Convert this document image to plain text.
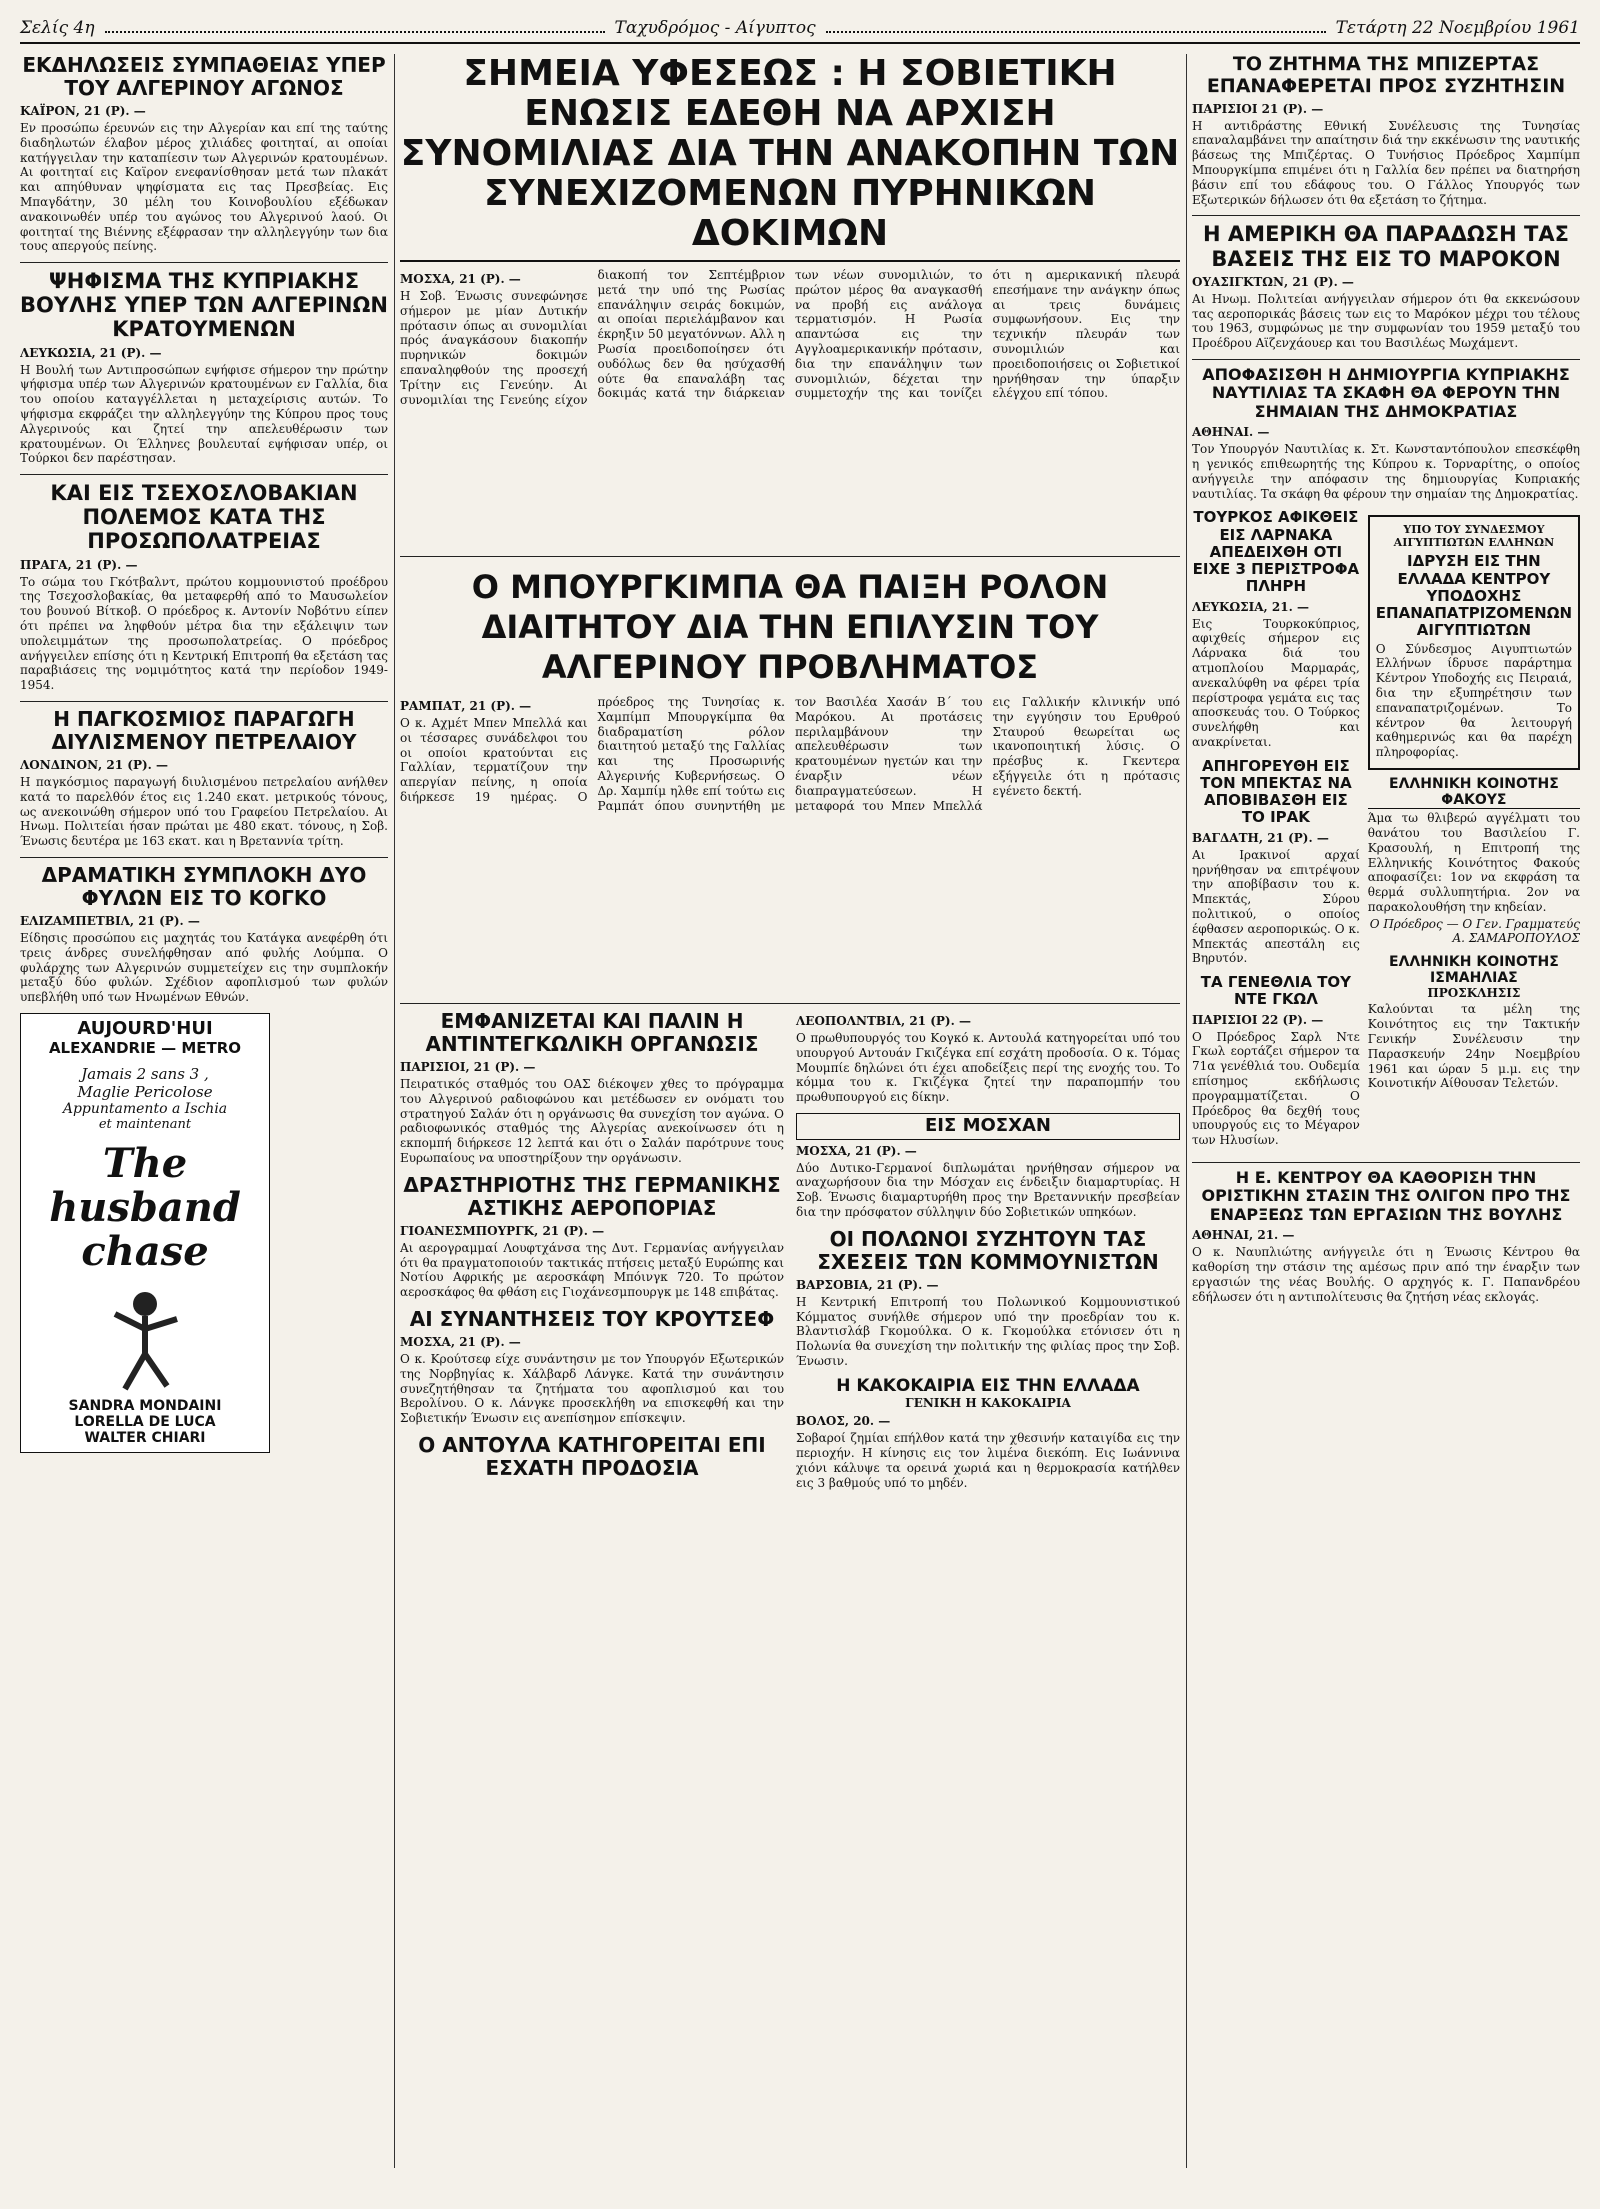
Σελίς 4η	Ταχυδρόμος - Αίγυπτος	Τετάρτη 22 Νοεμβρίου 1961
ΕΚΔΗΛΩΣΕΙΣ ΣΥΜΠΑΘΕΙΑΣ ΥΠΕΡ ΤΟΥ ΑΛΓΕΡΙΝΟΥ ΑΓΩΝΟΣ
ΚΑΪΡΟΝ, 21 (Ρ). —

Εν προσώπω έρευνών εις την Αλγερίαν και επί της ταύτης διαδηλωτών έλαβον μέρος χιλιάδες φοιτηταί, αι οποίαι κατήγγειλαν την καταπίεσιν των Αλγερινών κρατουμένων. Αι φοιτηταί εις Καϊρον ενεφανίσθησαν μετά των πλακάτ και απηύθυναν ψηφίσματα εις τας Πρεσβείας. Εις Μπαγδάτην, 30 μέλη του Κοινοβουλίου εξέδωκαν ανακοινωθέν υπέρ του αγώνος του Αλγερινού λαού. Οι φοιτηταί της Βιέννης εξέφρασαν την αλληλεγγύην των δια τους απεργούς πείνης.

ΨΗΦΙΣΜΑ ΤΗΣ ΚΥΠΡΙΑΚΗΣ ΒΟΥΛΗΣ ΥΠΕΡ ΤΩΝ ΑΛΓΕΡΙΝΩΝ ΚΡΑΤΟΥΜΕΝΩΝ
ΛΕΥΚΩΣΙΑ, 21 (Ρ). —

Η Βουλή των Αντιπροσώπων εψήφισε σήμερον την πρώτην ψήφισμα υπέρ των Αλγερινών κρατουμένων εν Γαλλία, δια του οποίου καταγγέλλεται η μεταχείρισις αυτών. Το ψήφισμα εκφράζει την αλληλεγγύην της Κύπρου προς τους Αλγερινούς και ζητεί την απελευθέρωσιν των κρατουμένων. Οι Έλληνες βουλευταί εψήφισαν υπέρ, οι Τούρκοι δεν παρέστησαν.

ΚΑΙ ΕΙΣ ΤΣΕΧΟΣΛΟΒΑΚΙΑΝ ΠΟΛΕΜΟΣ ΚΑΤΑ ΤΗΣ ΠΡΟΣΩΠΟΛΑΤΡΕΙΑΣ
ΠΡΑΓΑ, 21 (Ρ). —

Το σώμα του Γκότβαλντ, πρώτου κομμουνιστού προέδρου της Τσεχοσλοβακίας, θα μεταφερθή από το Μαυσωλείον του βουνού Βίτκοβ. Ο πρόεδρος κ. Αντονίν Νοβότνυ είπεν ότι πρέπει να ληφθούν μέτρα δια την εξάλειψιν των υπολειμμάτων της προσωπολατρείας. Ο πρόεδρος ανήγγειλεν επίσης ότι η Κεντρική Επιτροπή θα εξετάση τας παραβιάσεις της νομιμότητος κατά την περίοδον 1949-1954.

Η ΠΑΓΚΟΣΜΙΟΣ ΠΑΡΑΓΩΓΗ ΔΙΥΛΙΣΜΕΝΟΥ ΠΕΤΡΕΛΑΙΟΥ
ΛΟΝΔΙΝΟΝ, 21 (Ρ). —

Η παγκόσμιος παραγωγή διυλισμένου πετρελαίου ανήλθεν κατά το παρελθόν έτος εις 1.240 εκατ. μετρικούς τόνους, ως ανεκοινώθη σήμερον υπό του Γραφείου Πετρελαίου. Αι Ηνωμ. Πολιτείαι ήσαν πρώται με 480 εκατ. τόνους, η Σοβ. Ένωσις δευτέρα με 163 εκατ. και η Βρεταννία τρίτη.

ΔΡΑΜΑΤΙΚΗ ΣΥΜΠΛΟΚΗ ΔΥΟ ΦΥΛΩΝ ΕΙΣ ΤΟ ΚΟΓΚΟ
ΕΛΙΖΑΜΠΕΤΒΙΛ, 21 (Ρ). —

Είδησις προσώπου εις μαχητάς του Κατάγκα ανεφέρθη ότι τρεις άνδρες συνελήφθησαν από φυλής Λούμπα. Ο φυλάρχης των Αλγερινών συμμετείχεν εις την συμπλοκήν μεταξύ δύο φυλών. Σχέδιον αφοπλισμού των φυλών υπεβλήθη υπό των Ηνωμένων Εθνών.

AUJOURD'HUI
ALEXANDRIE — METRO
Jamais 2 sans 3 ,
Maglie Pericolose
Appuntamento a Ischia
et maintenant
The husband chase
SANDRA MONDAINI
LORELLA DE LUCA
WALTER CHIARI
ΣΗΜΕΙΑ ΥΦΕΣΕΩΣ : Η ΣΟΒΙΕΤΙΚΗ ΕΝΩΣΙΣ ΕΔΕΘΗ ΝΑ ΑΡΧΙΣΗ ΣΥΝΟΜΙΛΙΑΣ ΔΙΑ ΤΗΝ ΑΝΑΚΟΠΗΝ ΤΩΝ ΣΥΝΕΧΙΖΟΜΕΝΩΝ ΠΥΡΗΝΙΚΩΝ ΔΟΚΙΜΩΝ
ΜΟΣΧΑ, 21 (Ρ). —

Η Σοβ. Ένωσις συνεφώνησε σήμερον με μίαν Δυτικήν πρότασιν όπως αι συνομιλίαι πρός άναγκάσουν διακοπήν πυρηνικών δοκιμών επαναληφθούν της προσεχή Τρίτην εις Γενεύην. Αι συνομιλίαι της Γενεύης είχον διακοπή τον Σεπτέμβριον μετά την υπό της Ρωσίας επανάληψιν σειράς δοκιμών, αι οποίαι περιελάμβανον και έκρηξιν 50 μεγατόννων. Αλλ η Ρωσία προειδοποίησεν ότι ουδόλως δεν θα ησύχασθή ούτε θα επαναλάβη τας δοκιμάς κατά την διάρκειαν των νέων συνομιλιών, το πρώτον μέρος θα αναγκασθή να προβή εις ανάλογα τερματισμόν. Η Ρωσία απαντώσα εις την Αγγλοαμερικανικήν πρότασιν, δια την επανάληψιν των συνομιλιών, δέχεται την συμμετοχήν της και τονίζει ότι η αμερικανική πλευρά επεσήμανε την ανάγκην όπως αι τρεις δυνάμεις συμφωνήσουν. Εις την τεχνικήν πλευράν των συνομιλιών και προειδοποιήσεις οι Σοβιετικοί ηρνήθησαν την ύπαρξιν ελέγχου επί τόπου.

Ο ΜΠΟΥΡΓΚΙΜΠΑ ΘΑ ΠΑΙΞΗ ΡΟΛΟΝ ΔΙΑΙΤΗΤΟΥ ΔΙΑ ΤΗΝ ΕΠΙΛΥΣΙΝ ΤΟΥ ΑΛΓΕΡΙΝΟΥ ΠΡΟΒΛΗΜΑΤΟΣ
ΡΑΜΠΑΤ, 21 (Ρ). —

Ο κ. Αχμέτ Μπεν Μπελλά και οι τέσσαρες συνάδελφοι του οι οποίοι κρατούνται εις Γαλλίαν, τερματίζουν την απεργίαν πείνης, η οποία διήρκεσε 19 ημέρας. Ο πρόεδρος της Τυνησίας κ. Χαμπίμπ Μπουργκίμπα θα διαδραματίση ρόλον διαιτητού μεταξύ της Γαλλίας και της Προσωρινής Αλγερινής Κυβερνήσεως. Ο Δρ. Χαμπίμ ηλθε επί τούτω εις Ραμπάτ όπου συνηντήθη με τον Βασιλέα Χασάν Β΄ του Μαρόκου. Αι προτάσεις περιλαμβάνουν την απελευθέρωσιν των κρατουμένων ηγετών και την έναρξιν νέων διαπραγματεύσεων. Η μεταφορά του Μπεν Μπελλά εις Γαλλικήν κλινικήν υπό την εγγύησιν του Ερυθρού Σταυρού θεωρείται ως ικανοποιητική λύσις. Ο πρέσβυς κ. Γκεντερα εξήγγειλε ότι η πρότασις εγένετο δεκτή.

ΕΜΦΑΝΙΖΕΤΑΙ ΚΑΙ ΠΑΛΙΝ Η ΑΝΤΙΝΤΕΓΚΩΛΙΚΗ ΟΡΓΑΝΩΣΙΣ
ΠΑΡΙΣΙΟΙ, 21 (Ρ). —

Πειρατικός σταθμός του ΟΑΣ διέκοψεν χθες το πρόγραμμα του Αλγερινού ραδιοφώνου και μετέδωσεν εν ονόματι του στρατηγού Σαλάν ότι η οργάνωσις θα συνεχίση τον αγώνα. Ο ραδιοφωνικός σταθμός της Αλγερίας ανεκοίνωσεν ότι η εκπομπή διήρκεσε 12 λεπτά και ότι ο Σαλάν παρότρυνε τους Ευρωπαίους να υποστηρίξουν την οργάνωσιν.

ΔΡΑΣΤΗΡΙΟΤΗΣ ΤΗΣ ΓΕΡΜΑΝΙΚΗΣ ΑΣΤΙΚΗΣ ΑΕΡΟΠΟΡΙΑΣ
ΓΙΟΑΝΕΣΜΠΟΥΡΓΚ, 21 (Ρ). —

Αι αερογραμμαί Λουφτχάνσα της Δυτ. Γερμανίας ανήγγειλαν ότι θα πραγματοποιούν τακτικάς πτήσεις μεταξύ Ευρώπης και Νοτίου Αφρικής με αεροσκάφη Μπόινγκ 720. Το πρώτον αεροσκάφος θα φθάση εις Γιοχάνεσμπουργκ με 148 επιβάτας.

ΑΙ ΣΥΝΑΝΤΗΣΕΙΣ ΤΟΥ ΚΡΟΥΤΣΕΦ
ΜΟΣΧΑ, 21 (Ρ). —

Ο κ. Κρούτσεφ είχε συνάντησιν με τον Υπουργόν Εξωτερικών της Νορβηγίας κ. Χάλβαρδ Λάνγκε. Κατά την συνάντησιν συνεζητήθησαν τα ζητήματα του αφοπλισμού και του Βερολίνου. Ο κ. Λάνγκε προσεκλήθη να επισκεφθή και την Σοβιετικήν Ένωσιν εις ανεπίσημον επίσκεψιν.

Ο ΑΝΤΟΥΛΑ ΚΑΤΗΓΟΡΕΙΤΑΙ ΕΠΙ ΕΣΧΑΤΗ ΠΡΟΔΟΣΙΑ
ΛΕΟΠΟΛΝΤΒΙΛ, 21 (Ρ). —

Ο πρωθυπουργός του Κογκό κ. Αντουλά κατηγορείται υπό του υπουργού Αντουάν Γκιζέγκα επί εσχάτη προδοσία. Ο κ. Τόμας Μουμπίε δηλώνει ότι έχει αποδείξεις περί της ενοχής του. Το κόμμα του κ. Γκιζέγκα ζητεί την παραπομπήν του πρωθυπουργού εις δίκην.

ΕΙΣ ΜΟΣΧΑΝ
ΜΟΣΧΑ, 21 (Ρ). —

Δύο Δυτικο-Γερμανοί διπλωμάται ηρνήθησαν σήμερον να αναχωρήσουν δια την Μόσχαν εις ένδειξιν διαμαρτυρίας. Η Σοβ. Ένωσις διαμαρτυρήθη προς την Βρεταννικήν πρεσβείαν δια την πρόσφατον σύλληψιν δύο Σοβιετικών υπηκόων.

ΟΙ ΠΟΛΩΝΟΙ ΣΥΖΗΤΟΥΝ ΤΑΣ ΣΧΕΣΕΙΣ ΤΩΝ ΚΟΜΜΟΥΝΙΣΤΩΝ
ΒΑΡΣΟΒΙΑ, 21 (Ρ). —

Η Κεντρική Επιτροπή του Πολωνικού Κομμουνιστικού Κόμματος συνήλθε σήμερον υπό την προεδρίαν του κ. Βλαντισλάβ Γκομούλκα. Ο κ. Γκομούλκα ετόνισεν ότι η Πολωνία θα συνεχίση την πολιτικήν της φιλίας προς την Σοβ. Ένωσιν.

Η ΚΑΚΟΚΑΙΡΙΑ ΕΙΣ ΤΗΝ ΕΛΛΑΔΑ
ΓΕΝΙΚΗ Η ΚΑΚΟΚΑΙΡΙΑ
ΒΟΛΟΣ, 20. —

Σοβαροί ζημίαι επήλθον κατά την χθεσινήν καταιγίδα εις την περιοχήν. Η κίνησις εις τον λιμένα διεκόπη. Εις Ιωάννινα χιόνι κάλυψε τα ορεινά χωριά και η θερμοκρασία κατήλθεν εις 3 βαθμούς υπό το μηδέν.

ΤΟ ΖΗΤΗΜΑ ΤΗΣ ΜΠΙΖΕΡΤΑΣ ΕΠΑΝΑΦΕΡΕΤΑΙ ΠΡΟΣ ΣΥΖΗΤΗΣΙΝ
ΠΑΡΙΣΙΟΙ 21 (Ρ). —

Η αντιδράστης Εθνική Συνέλευσις της Τυνησίας επαναλαμβάνει την απαίτησιν διά την εκκένωσιν της ναυτικής βάσεως της Μπιζέρτας. Ο Τυνήσιος Πρόεδρος Χαμπίμπ Μπουργκίμπα επιμένει ότι η Γαλλία δεν πρέπει να διατηρήση βάσιν επί του εδάφους του. Ο Γάλλος Υπουργός των Εξωτερικών δήλωσεν ότι θα εξετάση το ζήτημα.

Η ΑΜΕΡΙΚΗ ΘΑ ΠΑΡΑΔΩΣΗ ΤΑΣ ΒΑΣΕΙΣ ΤΗΣ ΕΙΣ ΤΟ ΜΑΡΟΚΟΝ
ΟΥΑΣΙΓΚΤΩΝ, 21 (Ρ). —

Αι Ηνωμ. Πολιτείαι ανήγγειλαν σήμερον ότι θα εκκενώσουν τας αεροπορικάς βάσεις των εις το Μαρόκον μέχρι του τέλους του 1963, συμφώνως με την συμφωνίαν του 1959 μεταξύ του Προέδρου Αϊζενχάουερ και του Βασιλέως Μωχάμεντ.

ΑΠΟΦΑΣΙΣΘΗ Η ΔΗΜΙΟΥΡΓΙΑ ΚΥΠΡΙΑΚΗΣ ΝΑΥΤΙΛΙΑΣ ΤΑ ΣΚΑΦΗ ΘΑ ΦΕΡΟΥΝ ΤΗΝ ΣΗΜΑΙΑΝ ΤΗΣ ΔΗΜΟΚΡΑΤΙΑΣ
ΑΘΗΝΑΙ. —

Τον Υπουργόν Ναυτιλίας κ. Στ. Κωνσταντόπουλον επεσκέφθη η γενικός επιθεωρητής της Κύπρου κ. Τορναρίτης, ο οποίος ανήγγειλε την απόφασιν της δημιουργίας Κυπριακής ναυτιλίας. Τα σκάφη θα φέρουν την σημαίαν της Δημοκρατίας.

ΤΟΥΡΚΟΣ ΑΦΙΚΘΕΙΣ ΕΙΣ ΛΑΡΝΑΚΑ ΑΠΕΔΕΙΧΘΗ ΟΤΙ ΕΙΧΕ 3 ΠΕΡΙΣΤΡΟΦΑ ΠΛΗΡΗ
ΛΕΥΚΩΣΙΑ, 21. —

Εις Τουρκοκύπριος, αφιχθείς σήμερον εις Λάρνακα διά του ατμοπλοίου Μαρμαράς, ανεκαλύφθη να φέρει τρία περίστροφα γεμάτα εις τας αποσκευάς του. Ο Τούρκος συνελήφθη και ανακρίνεται.

ΑΠΗΓΟΡΕΥΘΗ ΕΙΣ ΤΟΝ ΜΠΕΚΤΑΣ ΝΑ ΑΠΟΒΙΒΑΣΘΗ ΕΙΣ ΤΟ ΙΡΑΚ
ΒΑΓΔΑΤΗ, 21 (Ρ). —

Αι Ιρακινοί αρχαί ηρνήθησαν να επιτρέψουν την αποβίβασιν του κ. Μπεκτάς, Σύρου πολιτικού, ο οποίος έφθασεν αεροπορικώς. Ο κ. Μπεκτάς απεστάλη εις Βηρυτόν.

ΤΑ ΓΕΝΕΘΛΙΑ ΤΟΥ ΝΤΕ ΓΚΩΛ
ΠΑΡΙΣΙΟΙ 22 (Ρ). —

Ο Πρόεδρος Σαρλ Ντε Γκωλ εορτάζει σήμερον τα 71α γενέθλιά του. Ουδεμία επίσημος εκδήλωσις προγραμματίζεται. Ο Πρόεδρος θα δεχθή τους υπουργούς εις το Μέγαρον των Ηλυσίων.

ΥΠΟ ΤΟΥ ΣΥΝΔΕΣΜΟΥ ΑΙΓΥΠΤΙΩΤΩΝ ΕΛΛΗΝΩΝ
ΙΔΡΥΣΗ ΕΙΣ ΤΗΝ ΕΛΛΑΔΑ ΚΕΝΤΡΟΥ ΥΠΟΔΟΧΗΣ ΕΠΑΝΑΠΑΤΡΙΖΟΜΕΝΩΝ ΑΙΓΥΠΤΙΩΤΩΝ

Ο Σύνδεσμος Αιγυπτιωτών Ελλήνων ίδρυσε παράρτημα Κέντρον Υποδοχής εις Πειραιά, δια την εξυπηρέτησιν των επαναπατριζομένων. Το κέντρον θα λειτουργή καθημερινώς και θα παρέχη πληροφορίας.

ΕΛΛΗΝΙΚΗ ΚΟΙΝΟΤΗΣ ΦΑΚΟΥΣ

Άμα τω θλιβερώ αγγέλματι του θανάτου του Βασιλείου Γ. Κρασουλή, η Επιτροπή της Ελληνικής Κοινότητος Φακούς αποφασίζει: 1ον να εκφράση τα θερμά συλλυπητήρια. 2ον να παρακολουθήση την κηδείαν.

Ο Πρόεδρος — Ο Γεν. Γραμματεύς Α. ΣΑΜΑΡΟΠΟΥΛΟΣ

ΕΛΛΗΝΙΚΗ ΚΟΙΝΟΤΗΣ ΙΣΜΑΗΛΙΑΣ
ΠΡΟΣΚΛΗΣΙΣ

Καλούνται τα μέλη της Κοινότητος εις την Τακτικήν Γενικήν Συνέλευσιν την Παρασκευήν 24ην Νοεμβρίου 1961 και ώραν 5 μ.μ. εις την Κοινοτικήν Αίθουσαν Τελετών.

Η Ε. ΚΕΝΤΡΟΥ ΘΑ ΚΑΘΟΡΙΣΗ ΤΗΝ ΟΡΙΣΤΙΚΗΝ ΣΤΑΣΙΝ ΤΗΣ ΟΛΙΓΟΝ ΠΡΟ ΤΗΣ ΕΝΑΡΞΕΩΣ ΤΩΝ ΕΡΓΑΣΙΩΝ ΤΗΣ ΒΟΥΛΗΣ
ΑΘΗΝΑΙ, 21. —

Ο κ. Ναυπλιώτης ανήγγειλε ότι η Ένωσις Κέντρου θα καθορίση την στάσιν της αμέσως πριν από την έναρξιν των εργασιών της νέας Βουλής. Ο αρχηγός κ. Γ. Παπανδρέου εδήλωσεν ότι η αντιπολίτευσις θα ζητήση νέας εκλογάς.
